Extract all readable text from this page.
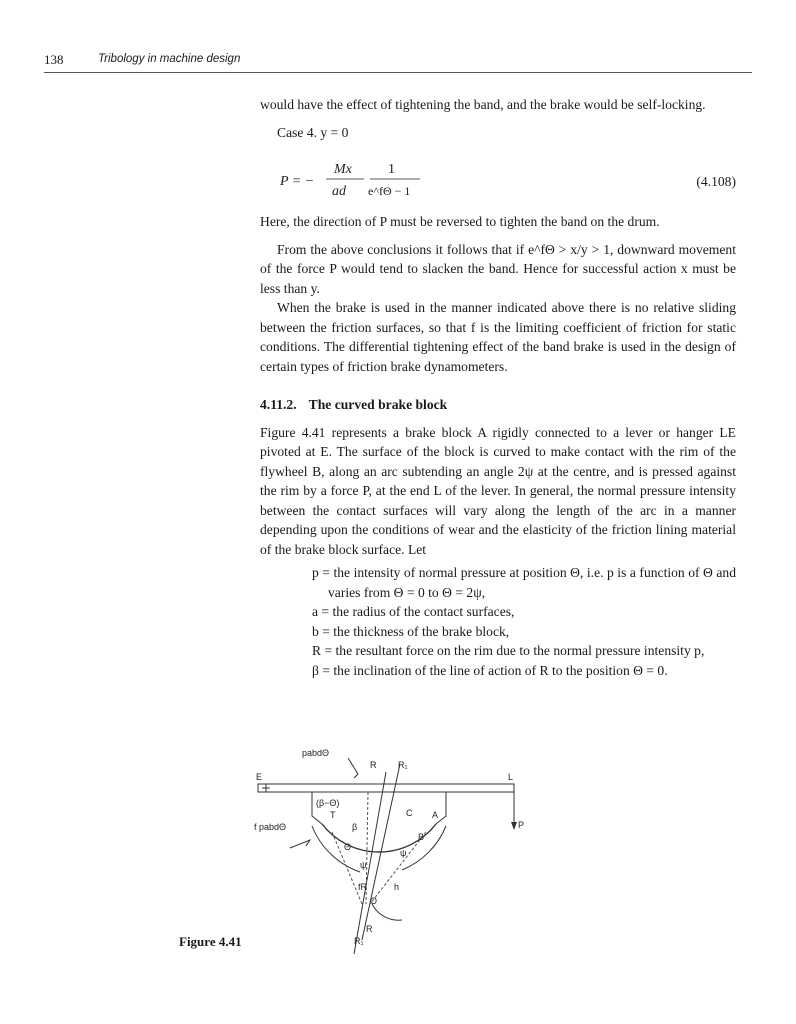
138	Tribology in machine design

would have the effect of tightening the band, and the brake would be self-locking.

Case 4. y = 0

P = −
Mx
ad
1
e^fΘ − 1
(4.108)

Here, the direction of P must be reversed to tighten the band on the drum.

From the above conclusions it follows that if e^fΘ > x/y > 1, downward movement of the force P would tend to slacken the band. Hence for successful action x must be less than y.

When the brake is used in the manner indicated above there is no relative sliding between the friction surfaces, so that f is the limiting coefficient of friction for static conditions. The differential tightening effect of the band brake is used in the design of certain types of friction brake dynamometers.

4.11.2. The curved brake block

Figure 4.41 represents a brake block A rigidly connected to a lever or hanger LE pivoted at E. The surface of the block is curved to make contact with the rim of the flywheel B, along an arc subtending an angle 2ψ at the centre, and is pressed against the rim by a force P, at the end L of the lever. In general, the normal pressure intensity between the contact surfaces will vary along the length of the arc in a manner depending upon the conditions of wear and the elasticity of the friction lining material of the brake block surface. Let

p = the intensity of normal pressure at position Θ, i.e. p is a function of Θ and varies from Θ = 0 to Θ = 2ψ,
a = the radius of the contact surfaces,
b = the thickness of the brake block,
R = the resultant force on the rim due to the normal pressure intensity p,
β = the inclination of the line of action of R to the position Θ = 0.
pabdΘ
E	L
P
R R₁
A
B
C
(β−Θ)
T
β
Θ
ψ
ψ
f pabdΘ
fR
O
h
R
R₁
Figure 4.41
